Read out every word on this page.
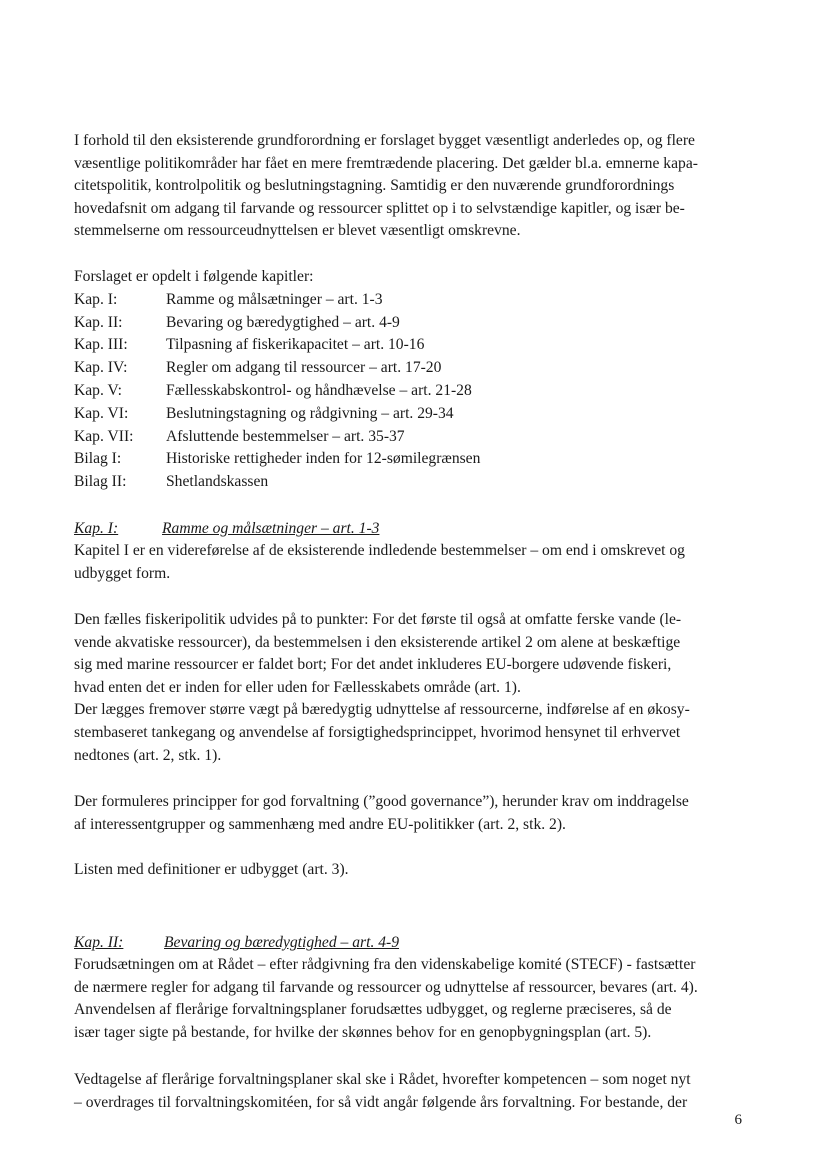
I forhold til den eksisterende grundforordning er forslaget bygget væsentligt anderledes op, og flere
væsentlige politikområder har fået en mere fremtrædende placering. Det gælder bl.a. emnerne kapa-
citetspolitik, kontrolpolitik og beslutningstagning. Samtidig er den nuværende grundforordnings
hovedafsnit om adgang til farvande og ressourcer splittet op i to selvstændige kapitler, og især be-
stemmelserne om ressourceudnyttelsen er blevet væsentligt omskrevne.
Forslaget er opdelt i følgende kapitler:
Kap. I:	Ramme og målsætninger – art. 1-3
Kap. II:	Bevaring og bæredygtighed – art. 4-9
Kap. III:	Tilpasning af fiskerikapacitet – art. 10-16
Kap. IV:	Regler om adgang til ressourcer – art. 17-20
Kap. V:	Fællesskabskontrol- og håndhævelse – art. 21-28
Kap. VI:	Beslutningstagning og rådgivning – art. 29-34
Kap. VII:	Afsluttende bestemmelser – art. 35-37
Bilag I:	Historiske rettigheder inden for 12-sømilegrænsen
Bilag II:	Shetlandskassen
Kap. I:	Ramme og målsætninger – art. 1-3
Kapitel I er en videreførelse af de eksisterende indledende bestemmelser – om end i omskrevet og
udbygget form.
Den fælles fiskeripolitik udvides på to punkter: For det første til også at omfatte ferske vande (le-
vende akvatiske ressourcer), da bestemmelsen i den eksisterende artikel 2 om alene at beskæftige
sig med marine ressourcer er faldet bort; For det andet inkluderes EU-borgere udøvende fiskeri,
hvad enten det er inden for eller uden for Fællesskabets område (art. 1).
Der lægges fremover større vægt på bæredygtig udnyttelse af ressourcerne, indførelse af en økosy-
stembaseret tankegang og anvendelse af forsigtighedsprincippet, hvorimod hensynet til erhvervet
nedtones (art. 2, stk. 1).
Der formuleres principper for god forvaltning (”good governance”), herunder krav om inddragelse
af interessentgrupper og sammenhæng med andre EU-politikker (art. 2, stk. 2).
Listen med definitioner er udbygget (art. 3).
Kap. II:	Bevaring og bæredygtighed – art. 4-9
Forudsætningen om at Rådet – efter rådgivning fra den videnskabelige komité (STECF) - fastsætter
de nærmere regler for adgang til farvande og ressourcer og udnyttelse af ressourcer, bevares (art. 4).
Anvendelsen af flerårige forvaltningsplaner forudsættes udbygget, og reglerne præciseres, så de
især tager sigte på bestande, for hvilke der skønnes behov for en genopbygningsplan (art. 5).
Vedtagelse af flerårige forvaltningsplaner skal ske i Rådet, hvorefter kompetencen – som noget nyt
– overdrages til forvaltningskomitéen, for så vidt angår følgende års forvaltning. For bestande, der
6
